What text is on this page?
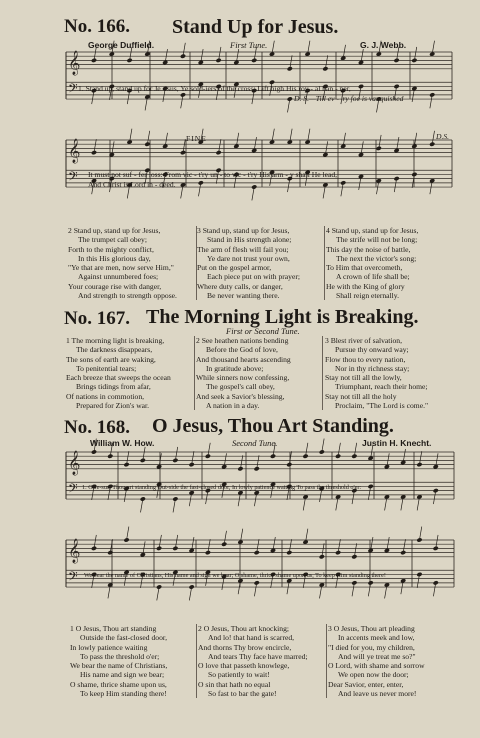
𝄞
𝄢
𝄞
𝄢
𝄞
𝄢
𝄞
𝄢
No. 166. Stand Up for Jesus.
George Duffield.	First Tune.	G. J. Webb.
1. Stand up, stand up for Je - sus, Ye sold-iers of the cross; Lift high His roy - al ban - ner,
D. S.—Till ev - 'ry foe is vanquished
FINE	D.S.
It must not suf - fer loss: From vic - t'ry un - to vic - t'ry His arm - y shall He lead,
And Christ is Lord in - deed.
2 Stand up, stand up for Jesus,
The trumpet call obey;
Forth to the mighty conflict,
In this His glorious day,
"Ye that are men, now serve Him,"
Against unnumbered foes;
Your courage rise with danger,
And strength to strength oppose.
3 Stand up, stand up for Jesus,
Stand in His strength alone;
The arm of flesh will fail you;
Ye dare not trust your own,
Put on the gospel armor,
Each piece put on with prayer;
Where duty calls, or danger,
Be never wanting there.
4 Stand up, stand up for Jesus,
The strife will not be long;
This day the noise of battle,
The next the victor's song;
To Him that overcometh,
A crown of life shall be;
He with the King of glory
Shall reign eternally.
No. 167. The Morning Light is Breaking.
First or Second Tune.
1 The morning light is breaking,
The darkness disappears,
The sons of earth are waking,
To penitential tears;
Each breeze that sweeps the ocean
Brings tidings from afar,
Of nations in commotion,
Prepared for Zion's war.
2 See heathen nations bending
Before the God of love,
And thousand hearts ascending
In gratitude above;
While sinners now confessing,
The gospel's call obey,
And seek a Savior's blessing,
A nation in a day.
3 Blest river of salvation,
Pursue thy onward way;
Flow thou to every nation,
Nor in thy richness stay;
Stay not till all the lowly,
Triumphant, reach their home;
Stay not till all the holy
Proclaim, "The Lord is come."
No. 168. O Jesus, Thou Art Standing.
William W. How.	Second Tune.	Justin H. Knecht.
1. O Je-sus, Thou art standing Out-side the fast-closed door, In lowly patience waiting To pass the threshold o'er:
We bear the name of Christians, His name and sign we bear; O shame, thrice shame upon us, To keep Him standing there!
1 O Jesus, Thou art standing
Outside the fast-closed door,
In lowly patience waiting
To pass the threshold o'er;
We bear the name of Christians,
His name and sign we bear;
O shame, thrice shame upon us,
To keep Him standing there!
2 O Jesus, Thou art knocking;
And lo! that hand is scarred,
And thorns Thy brow encircle,
And tears Thy face have marred;
O love that passeth knowlege,
So patiently to wait!
O sin that hath no equal
So fast to bar the gate!
3 O Jesus, Thou art pleading
In accents meek and low,
"I died for you, my children,
And will ye treat me so?"
O Lord, with shame and sorrow
We open now the door;
Dear Savior, enter, enter,
And leave us never more!
